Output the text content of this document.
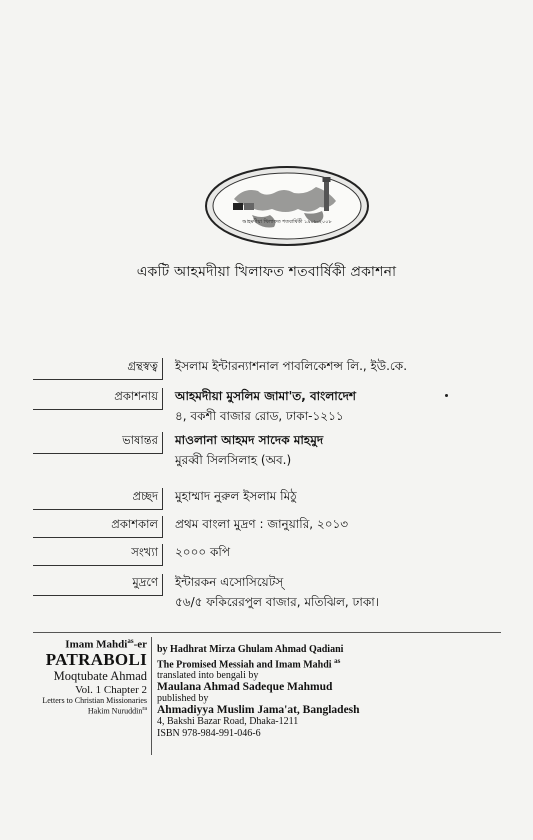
আহমদীয়া খিলাফত শতবার্ষিকী ১৯০৮-২০০৮
একটি আহমদীয়া খিলাফত শতবার্ষিকী প্রকাশনা
গ্রন্থস্বত্ব	ইসলাম ইন্টারন্যাশনাল পাবলিকেশন্স লি., ইউ.কে.
প্রকাশনায়	আহমদীয়া মুসলিম জামা'ত, বাংলাদেশ
৪, বকশী বাজার রোড, ঢাকা-১২১১
ভাষান্তর	মাওলানা আহমদ সাদেক মাহমুদ
মুরব্বী সিলসিলাহ (অব.)
প্রচ্ছদ	মুহাম্মাদ নুরুল ইসলাম মিঠু
প্রকাশকাল	প্রথম বাংলা মুদ্রণ : জানুয়ারি, ২০১৩
সংখ্যা	২০০০ কপি
মুদ্রণে	ইন্টারকন এসোসিয়েটস্‌
৫৬/৫ ফকিরেরপুল বাজার, মতিঝিল, ঢাকা।
Imam Mahdi$^{as}$-er
PATRABOLI
Moqtubate Ahmad
Vol. 1 Chapter 2
Letters to Christian Missionaries
Hakim Nuruddin$^{ra}$
by Hadhrat Mirza Ghulam Ahmad Qadiani
The Promised Messiah and Imam Mahdi $^{as}$
translated into bengali by
Maulana Ahmad Sadeque Mahmud
published by
Ahmadiyya Muslim Jama'at, Bangladesh
4, Bakshi Bazar Road, Dhaka-1211
ISBN 978-984-991-046-6
